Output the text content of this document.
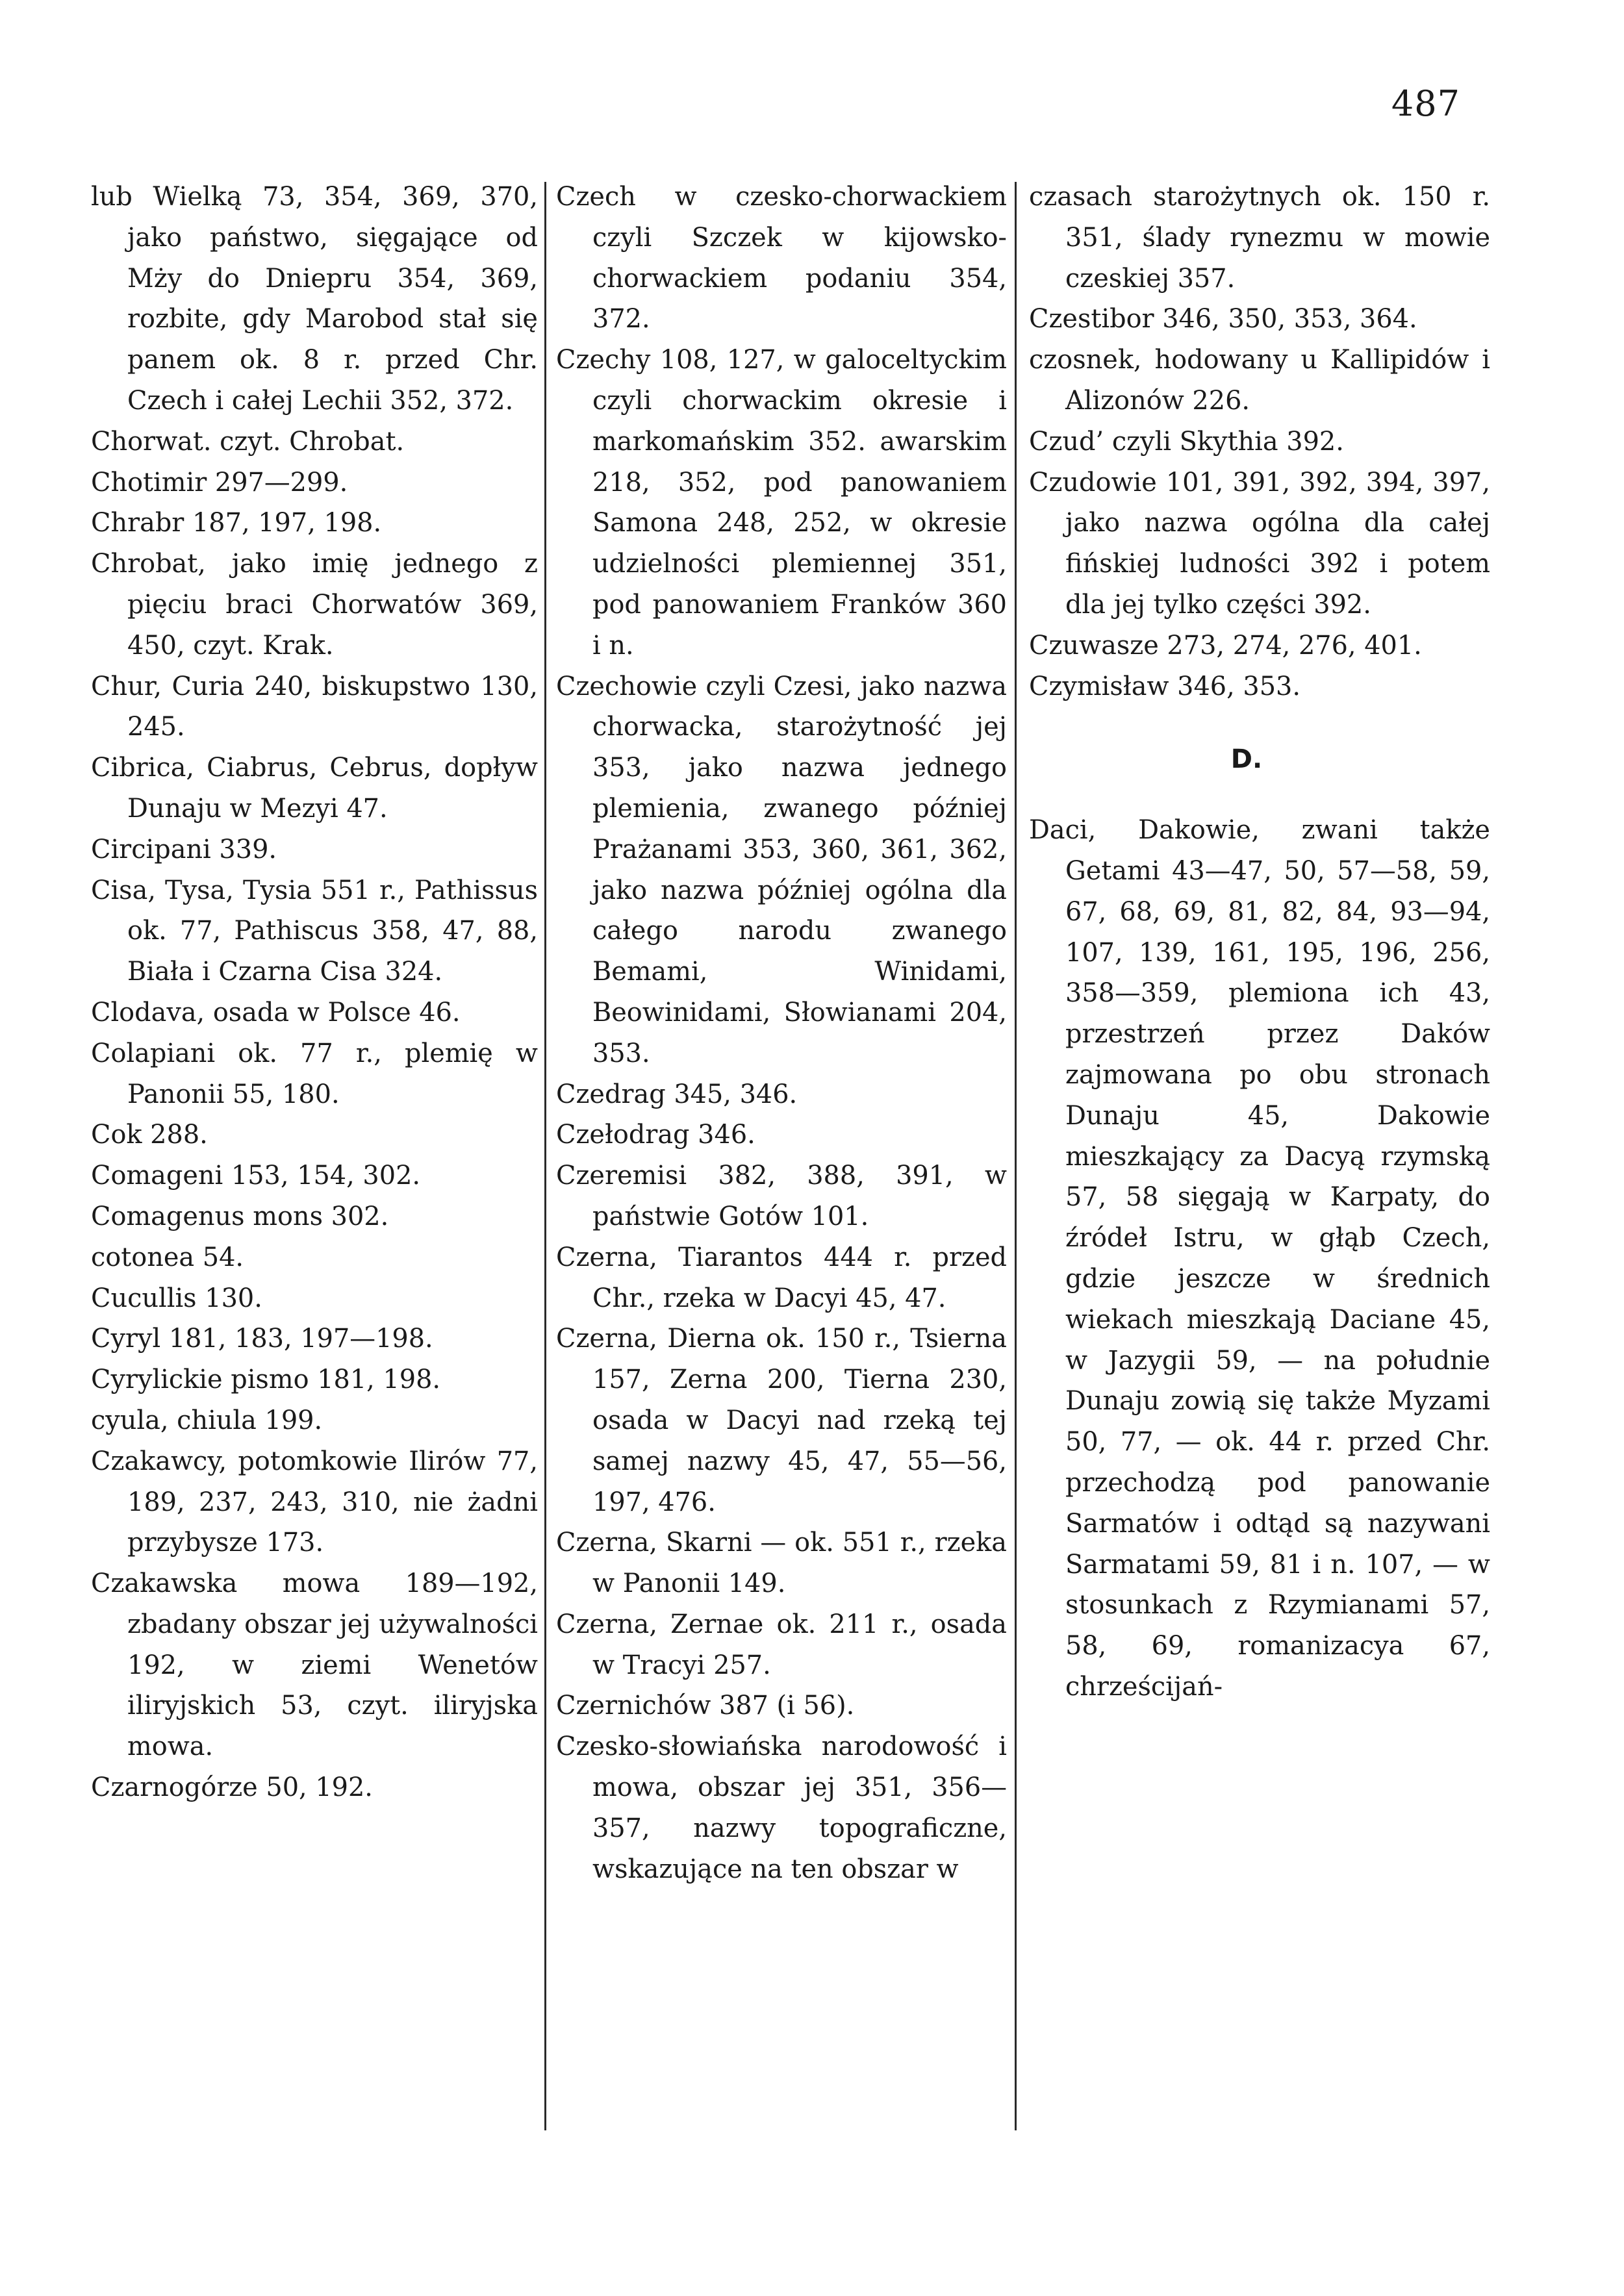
487

lub Wielką 73, 354, 369, 370, jako państwo, sięgające od Mży do Dniepru 354, 369, rozbite, gdy Marobod stał się panem ok. 8 r. przed Chr. Czech i całej Lechii 352, 372.

Chorwat. czyt. Chrobat.

Chotimir 297—299.

Chrabr 187, 197, 198.

Chrobat, jako imię jednego z pięciu braci Chorwatów 369, 450, czyt. Krak.

Chur, Curia 240, biskupstwo 130, 245.

Cibrica, Ciabrus, Cebrus, dopływ Dunaju w Mezyi 47.

Circipani 339.

Cisa, Tysa, Tysia 551 r., Pathissus ok. 77, Pathiscus 358, 47, 88, Biała i Czarna Cisa 324.

Clodava, osada w Polsce 46.

Colapiani ok. 77 r., plemię w Panonii 55, 180.

Cok 288.

Comageni 153, 154, 302.

Comagenus mons 302.

cotonea 54.

Cucullis 130.

Cyryl 181, 183, 197—198.

Cyrylickie pismo 181, 198.

cyula, chiula 199.

Czakawcy, potomkowie Ilirów 77, 189, 237, 243, 310, nie żadni przybysze 173.

Czakawska mowa 189—192, zbadany obszar jej używalności 192, w ziemi Wenetów iliryjskich 53, czyt. iliryjska mowa.

Czarnogórze 50, 192.

Czech w czesko-chorwackiem czyli Szczek w kijowsko-chorwackiem podaniu 354, 372.

Czechy 108, 127, w galoceltyckim czyli chorwackim okresie i markomańskim 352. awarskim 218, 352, pod panowaniem Samona 248, 252, w okresie udzielności plemiennej 351, pod panowaniem Franków 360 i n.

Czechowie czyli Czesi, jako nazwa chorwacka, starożytność jej 353, jako nazwa jednego plemienia, zwanego później Prażanami 353, 360, 361, 362, jako nazwa później ogólna dla całego narodu zwanego Bemami, Winidami, Beowinidami, Słowianami 204, 353.

Czedrag 345, 346.

Czełodrag 346.

Czeremisi 382, 388, 391, w państwie Gotów 101.

Czerna, Tiarantos 444 r. przed Chr., rzeka w Dacyi 45, 47.

Czerna, Dierna ok. 150 r., Tsierna 157, Zerna 200, Tierna 230, osada w Dacyi nad rzeką tej samej nazwy 45, 47, 55—56, 197, 476.

Czerna, Skarni — ok. 551 r., rzeka w Panonii 149.

Czerna, Zernae ok. 211 r., osada w Tracyi 257.

Czernichów 387 (i 56).

Czesko-słowiańska narodowość i mowa, obszar jej 351, 356—357, nazwy topograficzne, wskazujące na ten obszar w

czasach starożytnych ok. 150 r. 351, ślady rynezmu w mowie czeskiej 357.

Czestibor 346, 350, 353, 364.

czosnek, hodowany u Kallipidów i Alizonów 226.

Czud’ czyli Skythia 392.

Czudowie 101, 391, 392, 394, 397, jako nazwa ogólna dla całej fińskiej ludności 392 i potem dla jej tylko części 392.

Czuwasze 273, 274, 276, 401.

Czymisław 346, 353.

D.

Daci, Dakowie, zwani także Getami 43—47, 50, 57—58, 59, 67, 68, 69, 81, 82, 84, 93—94, 107, 139, 161, 195, 196, 256, 358—359, plemiona ich 43, przestrzeń przez Daków zajmowana po obu stronach Dunaju 45, Dakowie mieszkający za Dacyą rzymską 57, 58 sięgają w Karpaty, do źródeł Istru, w głąb Czech, gdzie jeszcze w średnich wiekach mieszkają Daciane 45, w Jazygii 59, — na południe Dunaju zowią się także Myzami 50, 77, — ok. 44 r. przed Chr. przechodzą pod panowanie Sarmatów i odtąd są nazywani Sarmatami 59, 81 i n. 107, — w stosunkach z Rzymianami 57, 58, 69, romanizacya 67, chrześcijań-
